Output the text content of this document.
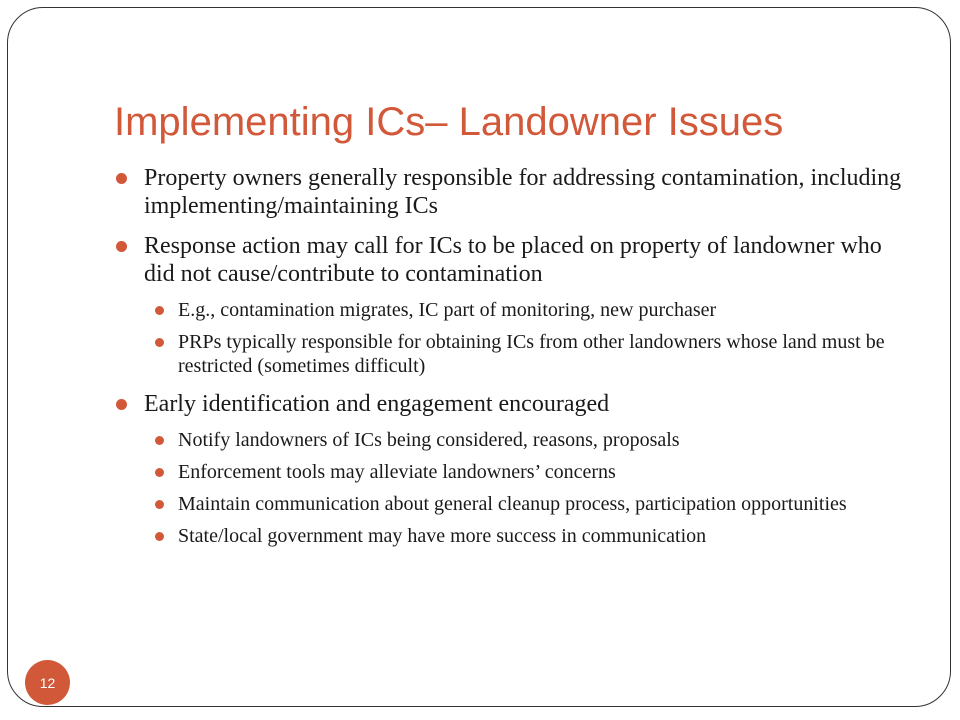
Implementing ICs– Landowner Issues
Property owners generally responsible for addressing contamination, including implementing/maintaining ICs
Response action may call for ICs to be placed on property of landowner who did not cause/contribute to contamination
E.g., contamination migrates, IC part of monitoring, new purchaser
PRPs typically responsible for obtaining ICs from other landowners whose land must be restricted (sometimes difficult)
Early identification and engagement encouraged
Notify landowners of ICs being considered, reasons, proposals
Enforcement tools may alleviate landowners’ concerns
Maintain communication about general cleanup process, participation opportunities
State/local government may have more success in communication
12
